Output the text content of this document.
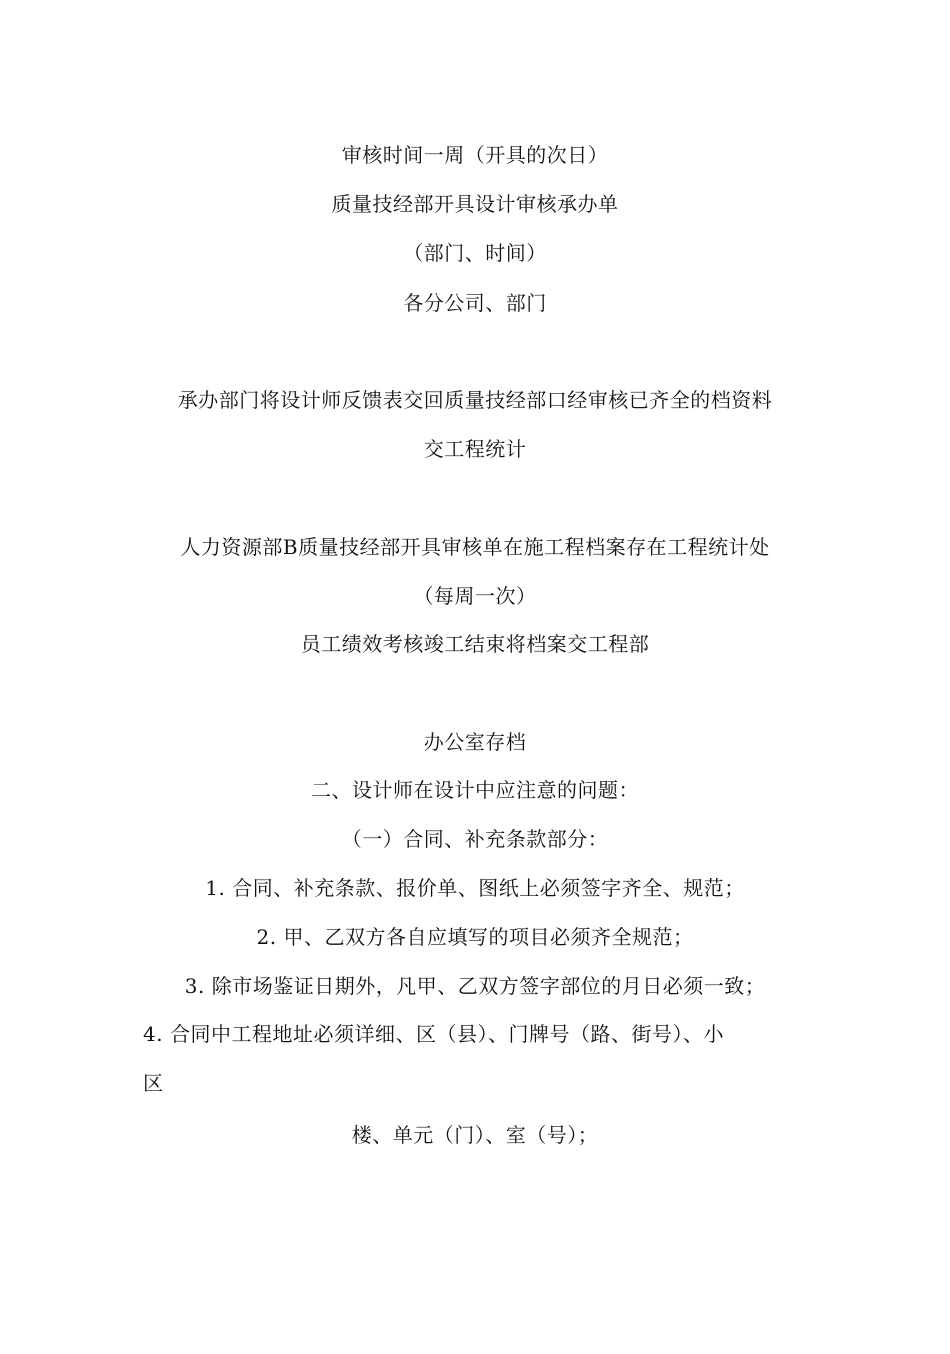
审核时间一周（开具的次日）
质量技经部开具设计审核承办单
（部门、时间）
各分公司、部门
承办部门将设计师反馈表交回质量技经部口经审核已齐全的档资料
交工程统计
人力资源部B质量技经部开具审核单在施工程档案存在工程统计处
（每周一次）
员工绩效考核竣工结束将档案交工程部
办公室存档
二、设计师在设计中应注意的问题：
（一）合同、补充条款部分：
1. 合同、补充条款、报价单、图纸上必须签字齐全、规范；
2. 甲、乙双方各自应填写的项目必须齐全规范；
3. 除市场鉴证日期外，凡甲、乙双方签字部位的月日必须一致；
4. 合同中工程地址必须详细、区（县）、门牌号（路、街号）、小
区
楼、单元（门）、室（号）；
